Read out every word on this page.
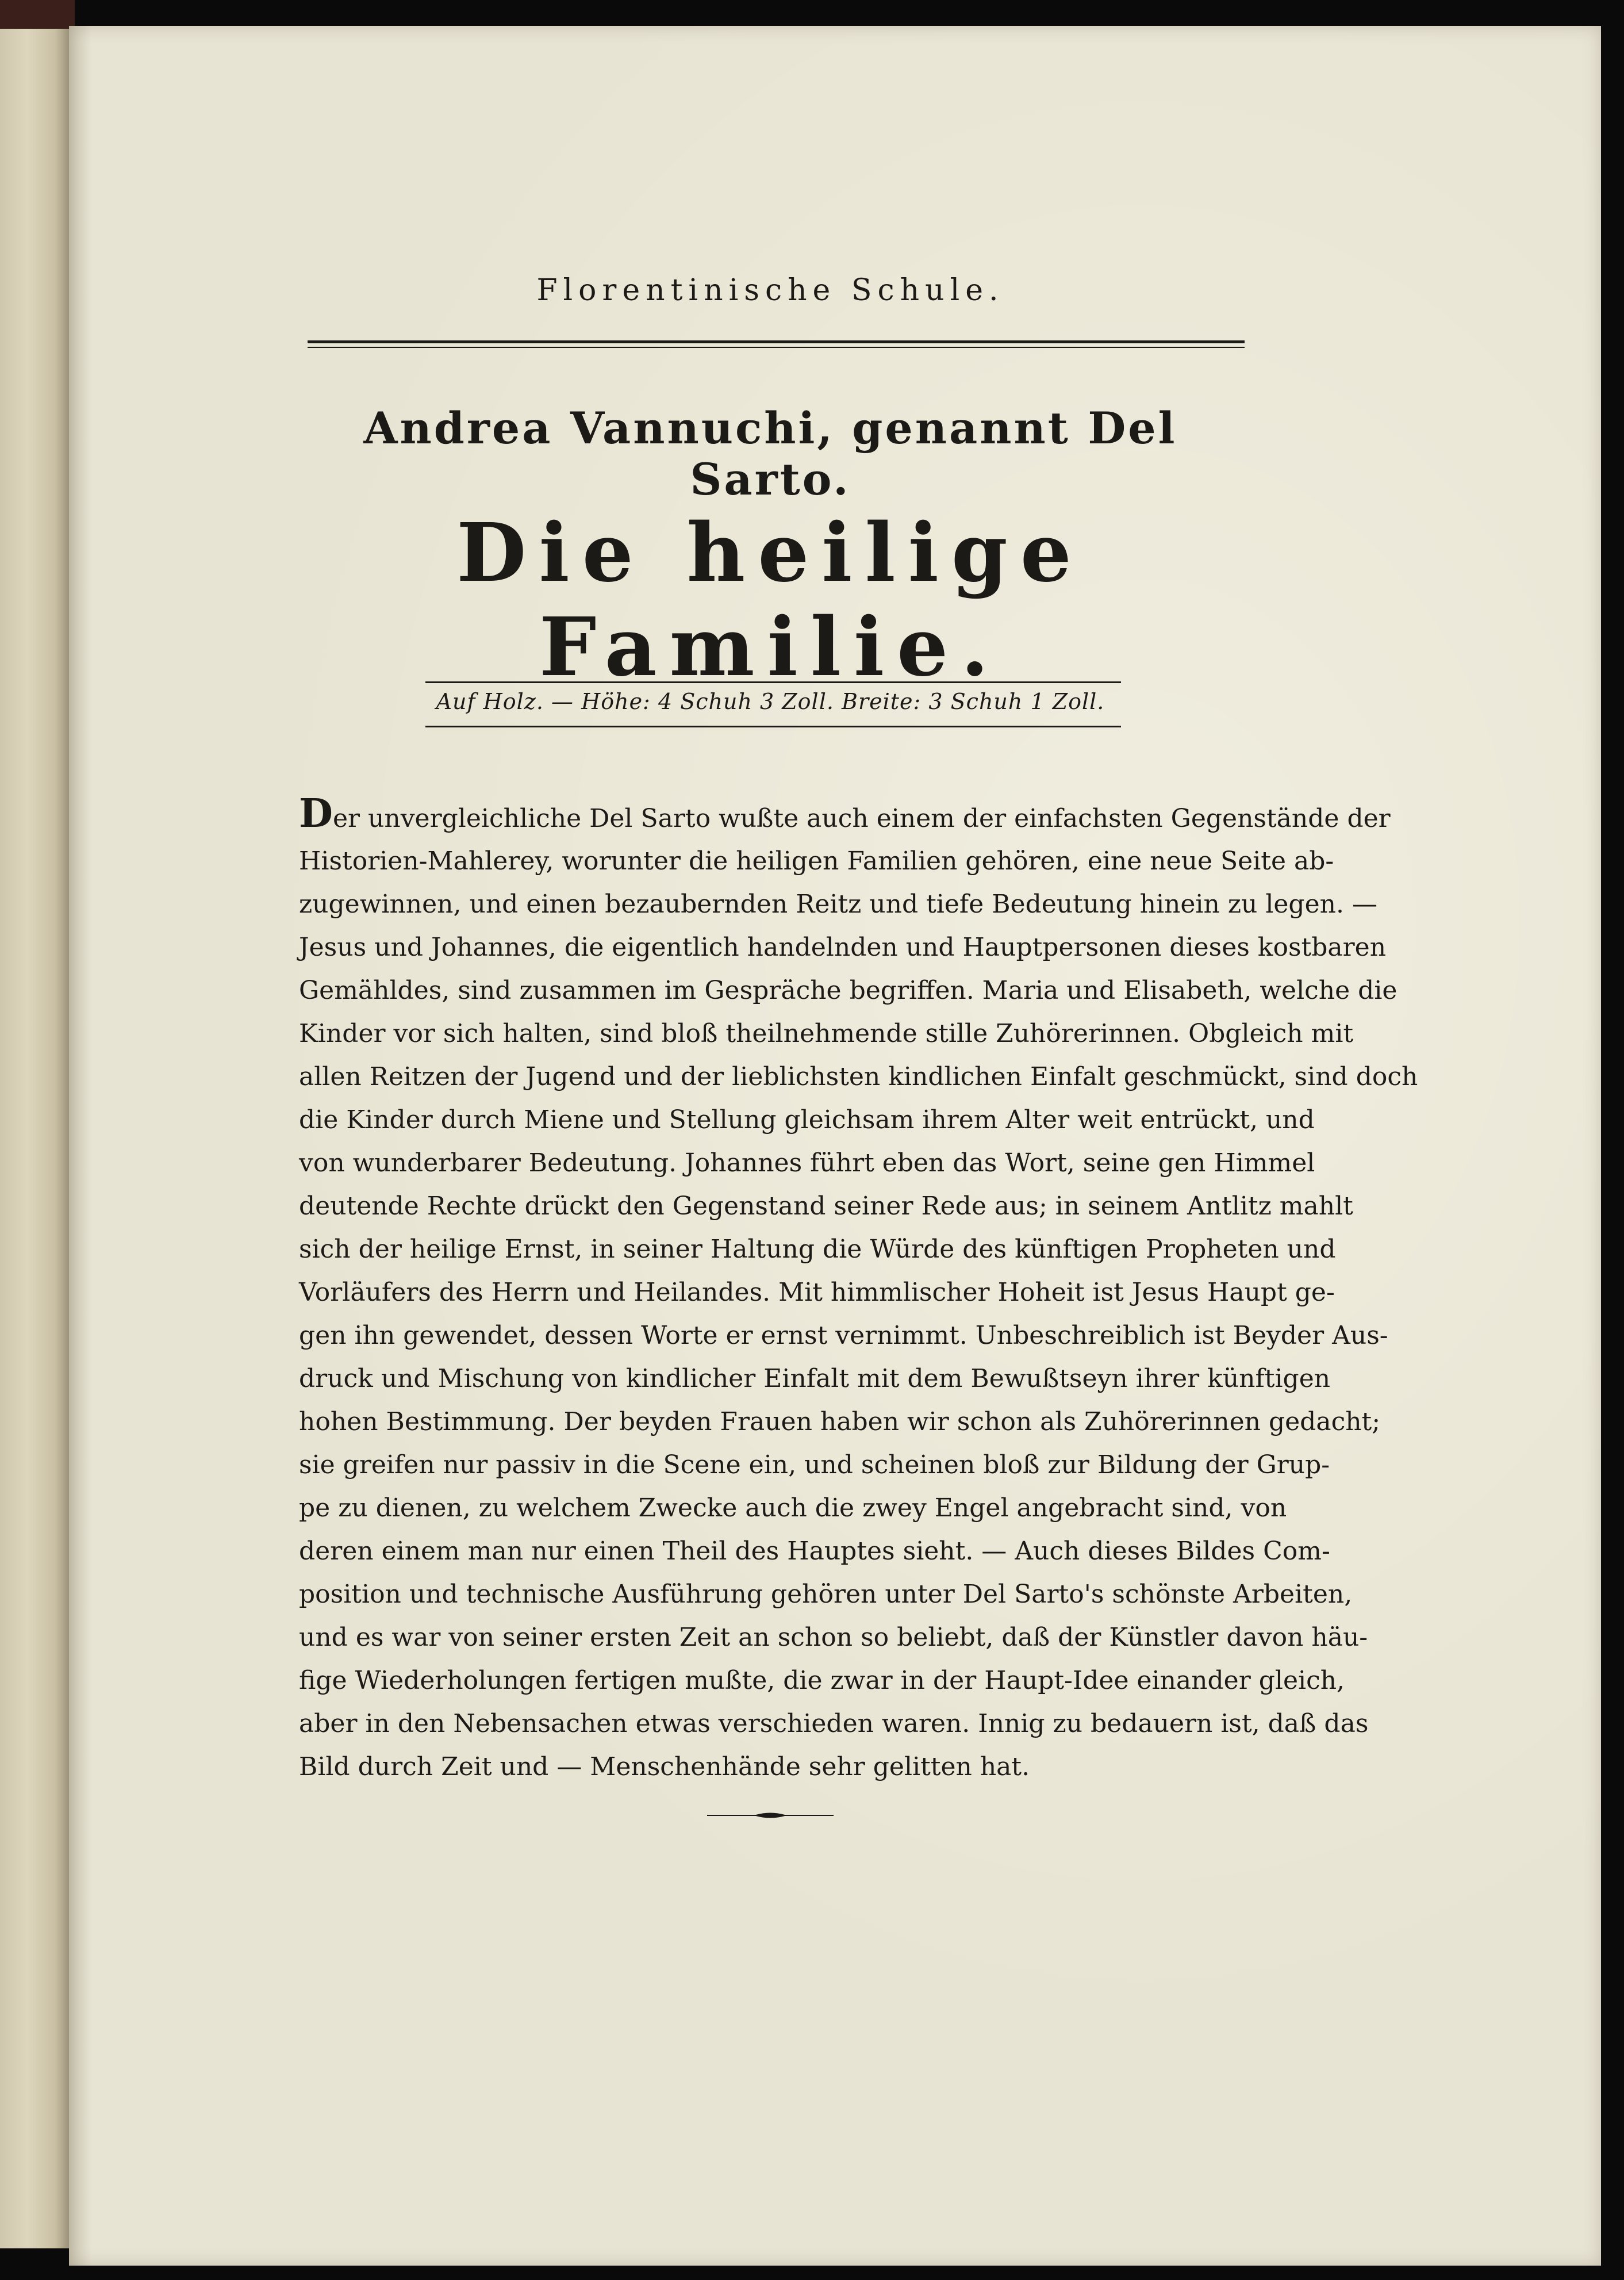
Florentinische Schule.
Andrea Vannuchi, genannt Del Sarto.
Die heilige Familie.
Auf Holz. — Höhe: 4 Schuh 3 Zoll. Breite: 3 Schuh 1 Zoll.
Der unvergleichliche Del Sarto wußte auch einem der einfachsten Gegenstände der
Historien-Mahlerey, worunter die heiligen Familien gehören, eine neue Seite ab-
zugewinnen, und einen bezaubernden Reitz und tiefe Bedeutung hinein zu legen. —
Jesus und Johannes, die eigentlich handelnden und Hauptpersonen dieses kostbaren
Gemähldes, sind zusammen im Gespräche begriffen. Maria und Elisabeth, welche die
Kinder vor sich halten, sind bloß theilnehmende stille Zuhörerinnen. Obgleich mit
allen Reitzen der Jugend und der lieblichsten kindlichen Einfalt geschmückt, sind doch
die Kinder durch Miene und Stellung gleichsam ihrem Alter weit entrückt, und
von wunderbarer Bedeutung. Johannes führt eben das Wort, seine gen Himmel
deutende Rechte drückt den Gegenstand seiner Rede aus; in seinem Antlitz mahlt
sich der heilige Ernst, in seiner Haltung die Würde des künftigen Propheten und
Vorläufers des Herrn und Heilandes. Mit himmlischer Hoheit ist Jesus Haupt ge-
gen ihn gewendet, dessen Worte er ernst vernimmt. Unbeschreiblich ist Beyder Aus-
druck und Mischung von kindlicher Einfalt mit dem Bewußtseyn ihrer künftigen
hohen Bestimmung. Der beyden Frauen haben wir schon als Zuhörerinnen gedacht;
sie greifen nur passiv in die Scene ein, und scheinen bloß zur Bildung der Grup-
pe zu dienen, zu welchem Zwecke auch die zwey Engel angebracht sind, von
deren einem man nur einen Theil des Hauptes sieht. — Auch dieses Bildes Com-
position und technische Ausführung gehören unter Del Sarto's schönste Arbeiten,
und es war von seiner ersten Zeit an schon so beliebt, daß der Künstler davon häu-
fige Wiederholungen fertigen mußte, die zwar in der Haupt-Idee einander gleich,
aber in den Nebensachen etwas verschieden waren. Innig zu bedauern ist, daß das
Bild durch Zeit und — Menschenhände sehr gelitten hat.
